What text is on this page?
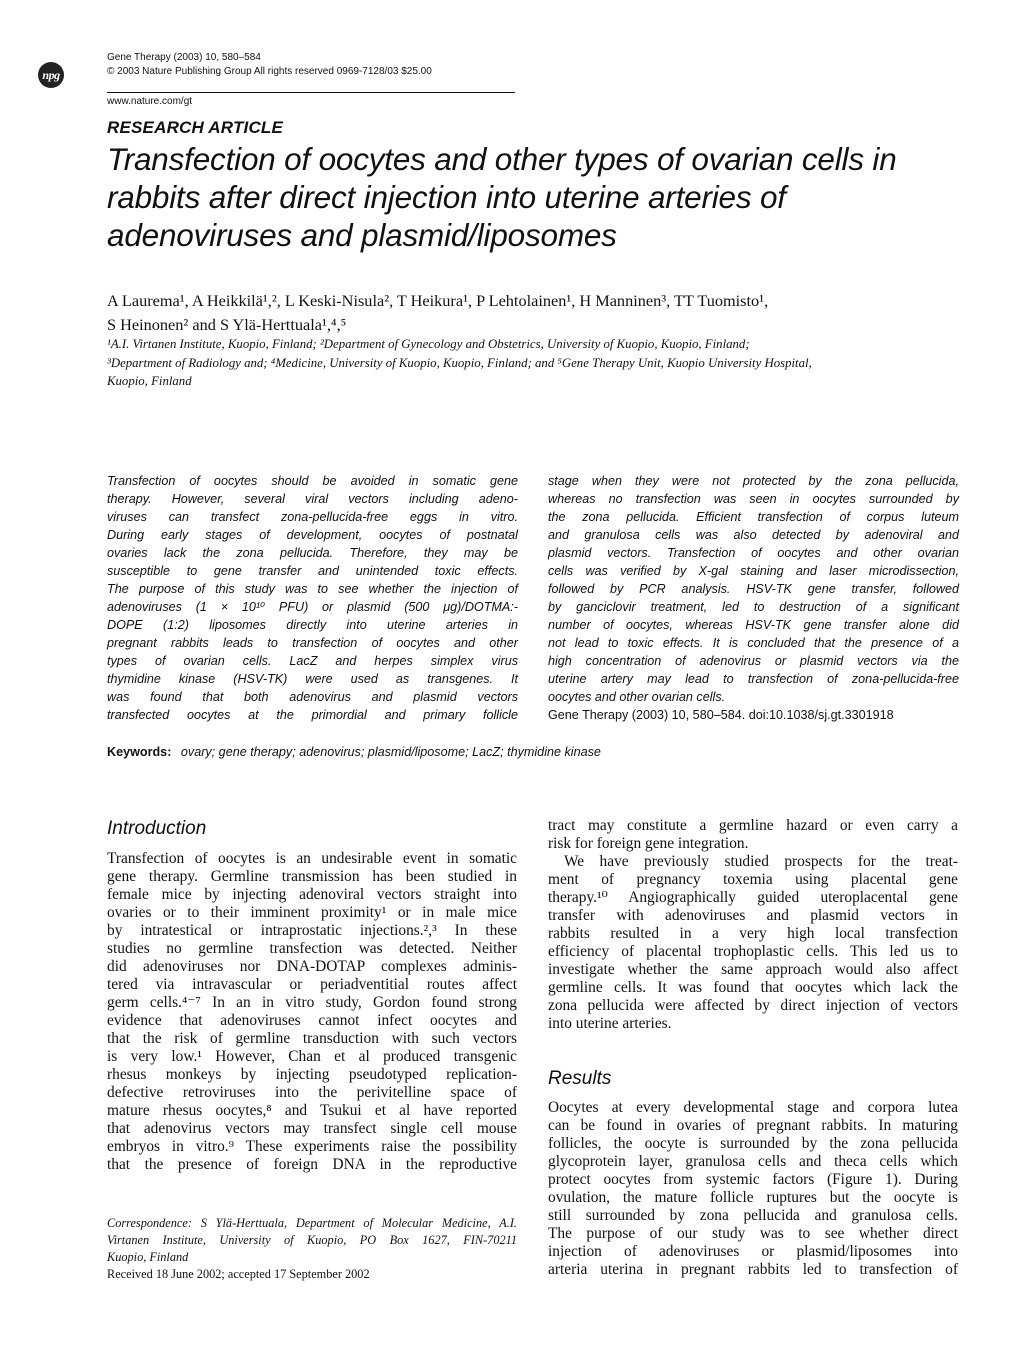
npg
Gene Therapy (2003) 10, 580–584
© 2003 Nature Publishing Group All rights reserved 0969-7128/03 $25.00
www.nature.com/gt
RESEARCH ARTICLE
Transfection of oocytes and other types of ovarian cells in rabbits after direct injection into uterine arteries of adenoviruses and plasmid/liposomes
A Laurema¹, A Heikkilä¹,², L Keski-Nisula², T Heikura¹, P Lehtolainen¹, H Manninen³, TT Tuomisto¹,
S Heinonen² and S Ylä-Herttuala¹,⁴,⁵
¹A.I. Virtanen Institute, Kuopio, Finland; ²Department of Gynecology and Obstetrics, University of Kuopio, Kuopio, Finland;
³Department of Radiology and; ⁴Medicine, University of Kuopio, Kuopio, Finland; and ⁵Gene Therapy Unit, Kuopio University Hospital,
Kuopio, Finland
Transfection of oocytes should be avoided in somatic gene
therapy. However, several viral vectors including adeno-
viruses can transfect zona-pellucida-free eggs in vitro.
During early stages of development, oocytes of postnatal
ovaries lack the zona pellucida. Therefore, they may be
susceptible to gene transfer and unintended toxic effects.
The purpose of this study was to see whether the injection of
adenoviruses (1 × 10¹⁰ PFU) or plasmid (500 μg)/DOTMA:-
DOPE (1:2) liposomes directly into uterine arteries in
pregnant rabbits leads to transfection of oocytes and other
types of ovarian cells. LacZ and herpes simplex virus
thymidine kinase (HSV-TK) were used as transgenes. It
was found that both adenovirus and plasmid vectors
transfected oocytes at the primordial and primary follicle
stage when they were not protected by the zona pellucida,
whereas no transfection was seen in oocytes surrounded by
the zona pellucida. Efficient transfection of corpus luteum
and granulosa cells was also detected by adenoviral and
plasmid vectors. Transfection of oocytes and other ovarian
cells was verified by X-gal staining and laser microdissection,
followed by PCR analysis. HSV-TK gene transfer, followed
by ganciclovir treatment, led to destruction of a significant
number of oocytes, whereas HSV-TK gene transfer alone did
not lead to toxic effects. It is concluded that the presence of a
high concentration of adenovirus or plasmid vectors via the
uterine artery may lead to transfection of zona-pellucida-free
oocytes and other ovarian cells.
Gene Therapy (2003) 10, 580–584. doi:10.1038/sj.gt.3301918
Keywords: ovary; gene therapy; adenovirus; plasmid/liposome; LacZ; thymidine kinase
Introduction
Transfection of oocytes is an undesirable event in somatic
gene therapy. Germline transmission has been studied in
female mice by injecting adenoviral vectors straight into
ovaries or to their imminent proximity¹ or in male mice
by intratestical or intraprostatic injections.²,³ In these
studies no germline transfection was detected. Neither
did adenoviruses nor DNA-DOTAP complexes adminis-
tered via intravascular or periadventitial routes affect
germ cells.⁴⁻⁷ In an in vitro study, Gordon found strong
evidence that adenoviruses cannot infect oocytes and
that the risk of germline transduction with such vectors
is very low.¹ However, Chan et al produced transgenic
rhesus monkeys by injecting pseudotyped replication-
defective retroviruses into the perivitelline space of
mature rhesus oocytes,⁸ and Tsukui et al have reported
that adenovirus vectors may transfect single cell mouse
embryos in vitro.⁹ These experiments raise the possibility
that the presence of foreign DNA in the reproductive
tract may constitute a germline hazard or even carry a
risk for foreign gene integration.
We have previously studied prospects for the treat-
ment of pregnancy toxemia using placental gene
therapy.¹⁰ Angiographically guided uteroplacental gene
transfer with adenoviruses and plasmid vectors in
rabbits resulted in a very high local transfection
efficiency of placental trophoplastic cells. This led us to
investigate whether the same approach would also affect
germline cells. It was found that oocytes which lack the
zona pellucida were affected by direct injection of vectors
into uterine arteries.
Results
Oocytes at every developmental stage and corpora lutea
can be found in ovaries of pregnant rabbits. In maturing
follicles, the oocyte is surrounded by the zona pellucida
glycoprotein layer, granulosa cells and theca cells which
protect oocytes from systemic factors (Figure 1). During
ovulation, the mature follicle ruptures but the oocyte is
still surrounded by zona pellucida and granulosa cells.
The purpose of our study was to see whether direct
injection of adenoviruses or plasmid/liposomes into
arteria uterina in pregnant rabbits led to transfection of
Correspondence: S Ylä-Herttuala, Department of Molecular Medicine, A.I.
Virtanen Institute, University of Kuopio, PO Box 1627, FIN-70211
Kuopio, Finland
Received 18 June 2002; accepted 17 September 2002
